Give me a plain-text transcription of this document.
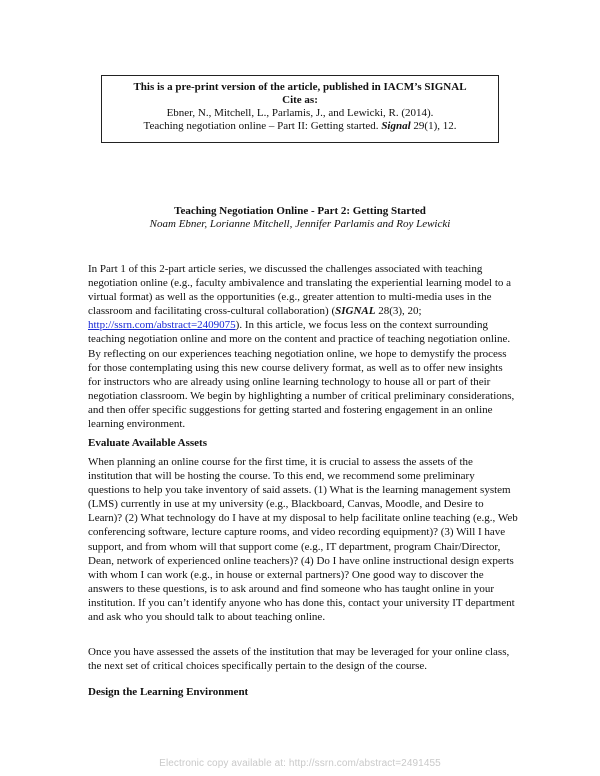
This is a pre-print version of the article, published in IACM’s SIGNAL
Cite as:
Ebner, N., Mitchell, L., Parlamis, J., and Lewicki, R. (2014).
Teaching negotiation online – Part II: Getting started. Signal 29(1), 12.
Teaching Negotiation Online - Part 2: Getting Started
Noam Ebner, Lorianne Mitchell, Jennifer Parlamis and Roy Lewicki

In Part 1 of this 2-part article series, we discussed the challenges associated with teaching negotiation online (e.g., faculty ambivalence and translating the experiential learning model to a virtual format) as well as the opportunities (e.g., greater attention to multi-media uses in the classroom and facilitating cross-cultural collaboration) (SIGNAL 28(3), 20; http://ssrn.com/abstract=2409075). In this article, we focus less on the context surrounding teaching negotiation online and more on the content and practice of teaching negotiation online. By reflecting on our experiences teaching negotiation online, we hope to demystify the process for those contemplating using this new course delivery format, as well as to offer new insights for instructors who are already using online learning technology to house all or part of their negotiation classroom. We begin by highlighting a number of critical preliminary considerations, and then offer specific suggestions for getting started and fostering engagement in an online learning environment.

Evaluate Available Assets

When planning an online course for the first time, it is crucial to assess the assets of the institution that will be hosting the course. To this end, we recommend some preliminary questions to help you take inventory of said assets. (1) What is the learning management system (LMS) currently in use at my university (e.g., Blackboard, Canvas, Moodle, and Desire to Learn)? (2) What technology do I have at my disposal to help facilitate online teaching (e.g., Web conferencing software, lecture capture rooms, and video recording equipment)? (3) Will I have support, and from whom will that support come (e.g., IT department, program Chair/Director, Dean, network of experienced online teachers)? (4) Do I have online instructional design experts with whom I can work (e.g., in house or external partners)? One good way to discover the answers to these questions, is to ask around and find someone who has taught online in your institution. If you can’t identify anyone who has done this, contact your university IT department and ask who you should talk to about teaching online.

Once you have assessed the assets of the institution that may be leveraged for your online class, the next set of critical choices specifically pertain to the design of the course.

Design the Learning Environment

Electronic copy available at: http://ssrn.com/abstract=2491455
